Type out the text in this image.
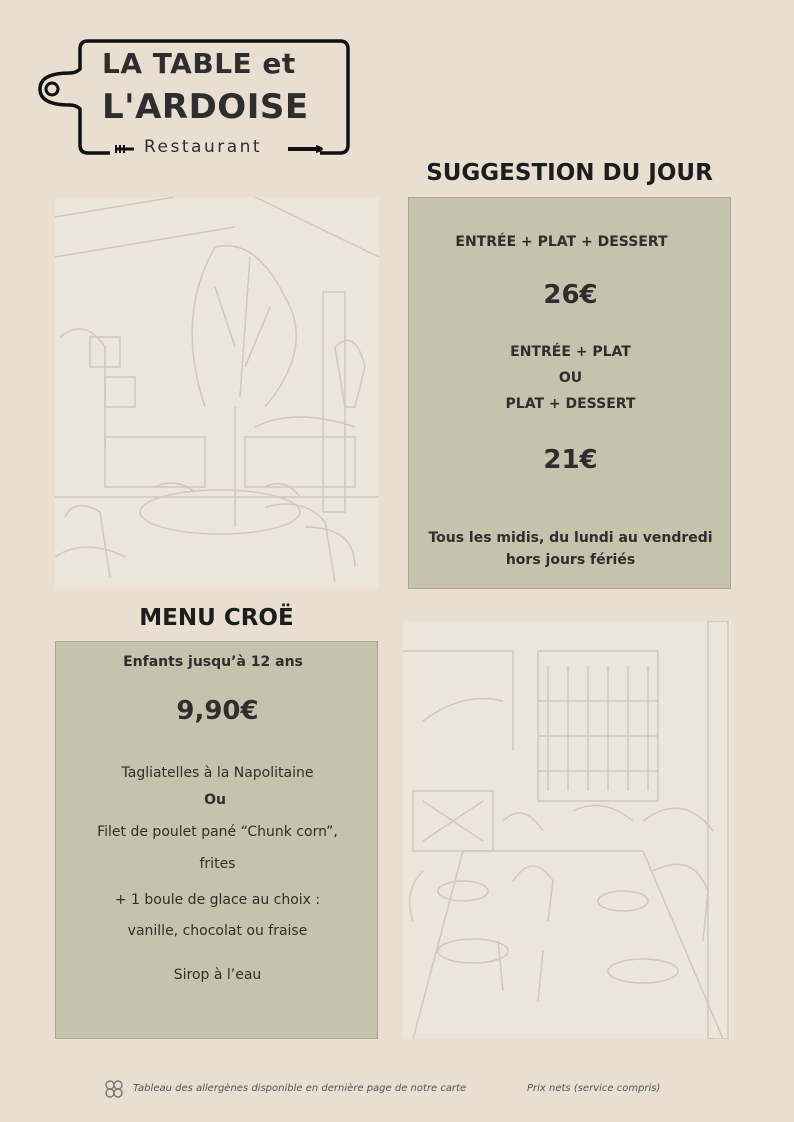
LA TABLE et
L'ARDOISE
Restaurant
SUGGESTION DU JOUR
ENTRÉE + PLAT + DESSERT
26€
ENTRÉE + PLAT
OU
PLAT + DESSERT
21€
Tous les midis, du lundi au vendredi
hors jours fériés
MENU CROË
Enfants jusqu’à 12 ans
9,90€
Tagliatelles à la Napolitaine
Ou
Filet de poulet pané “Chunk corn”,
frites
+ 1 boule de glace au choix :
vanille, chocolat ou fraise
Sirop à l’eau
Tableau des allergènes disponible en dernière page de notre carte	Prix nets (service compris)
